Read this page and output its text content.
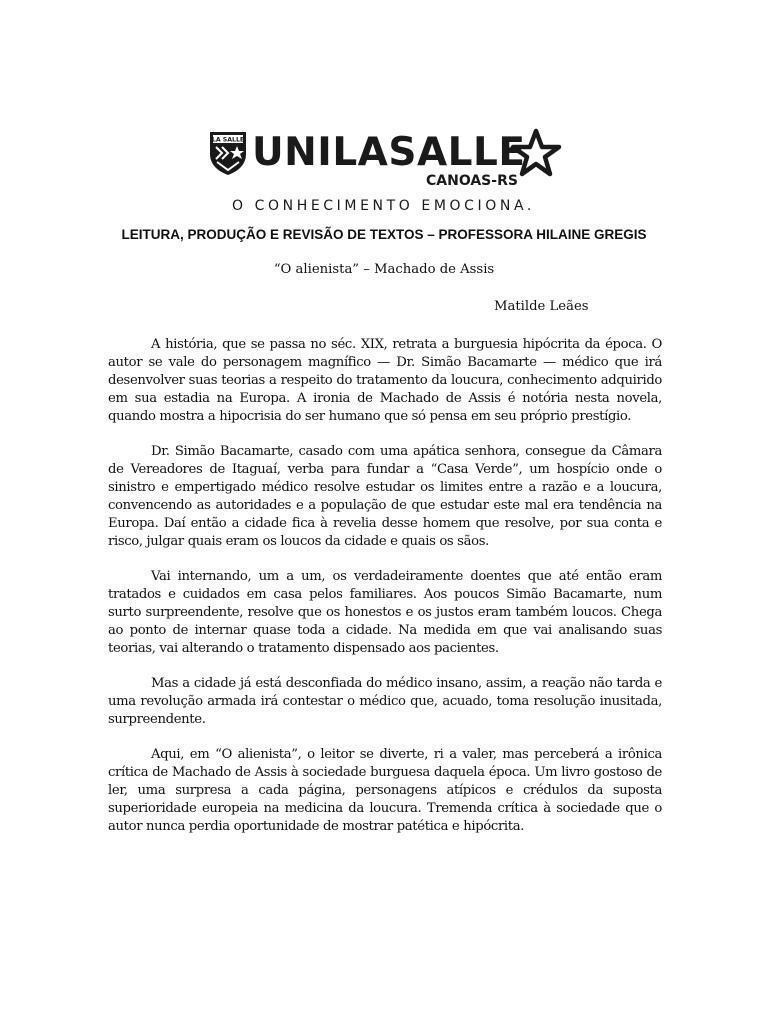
LA SALLE UNILASALLE
CANOAS-RS
O CONHECIMENTO EMOCIONA.
LEITURA, PRODUÇÃO E REVISÃO DE TEXTOS – PROFESSORA HILAINE GREGIS
“O alienista” – Machado de Assis
Matilde Leães

A história, que se passa no séc. XIX, retrata a burguesia hipócrita da época. O autor se vale do personagem magnífico — Dr. Simão Bacamarte — médico que irá desenvolver suas teorias a respeito do tratamento da loucura, conhecimento adquirido em sua estadia na Europa. A ironia de Machado de Assis é notória nesta novela, quando mostra a hipocrisia do ser humano que só pensa em seu próprio prestígio.

Dr. Simão Bacamarte, casado com uma apática senhora, consegue da Câmara de Vereadores de Itaguaí, verba para fundar a “Casa Verde”, um hospício onde o sinistro e empertigado médico resolve estudar os limites entre a razão e a loucura, convencendo as autoridades e a população de que estudar este mal era tendência na Europa. Daí então a cidade fica à revelia desse homem que resolve, por sua conta e risco, julgar quais eram os loucos da cidade e quais os sãos.

Vai internando, um a um, os verdadeiramente doentes que até então eram tratados e cuidados em casa pelos familiares. Aos poucos Simão Bacamarte, num surto surpreendente, resolve que os honestos e os justos eram também loucos. Chega ao ponto de internar quase toda a cidade. Na medida em que vai analisando suas teorias, vai alterando o tratamento dispensado aos pacientes.

Mas a cidade já está desconfiada do médico insano, assim, a reação não tarda e uma revolução armada irá contestar o médico que, acuado, toma resolução inusitada, surpreendente.

Aqui, em “O alienista”, o leitor se diverte, ri a valer, mas perceberá a irônica crítica de Machado de Assis à sociedade burguesa daquela época. Um livro gostoso de ler, uma surpresa a cada página, personagens atípicos e crédulos da suposta superioridade europeia na medicina da loucura. Tremenda crítica à sociedade que o autor nunca perdia oportunidade de mostrar patética e hipócrita.
